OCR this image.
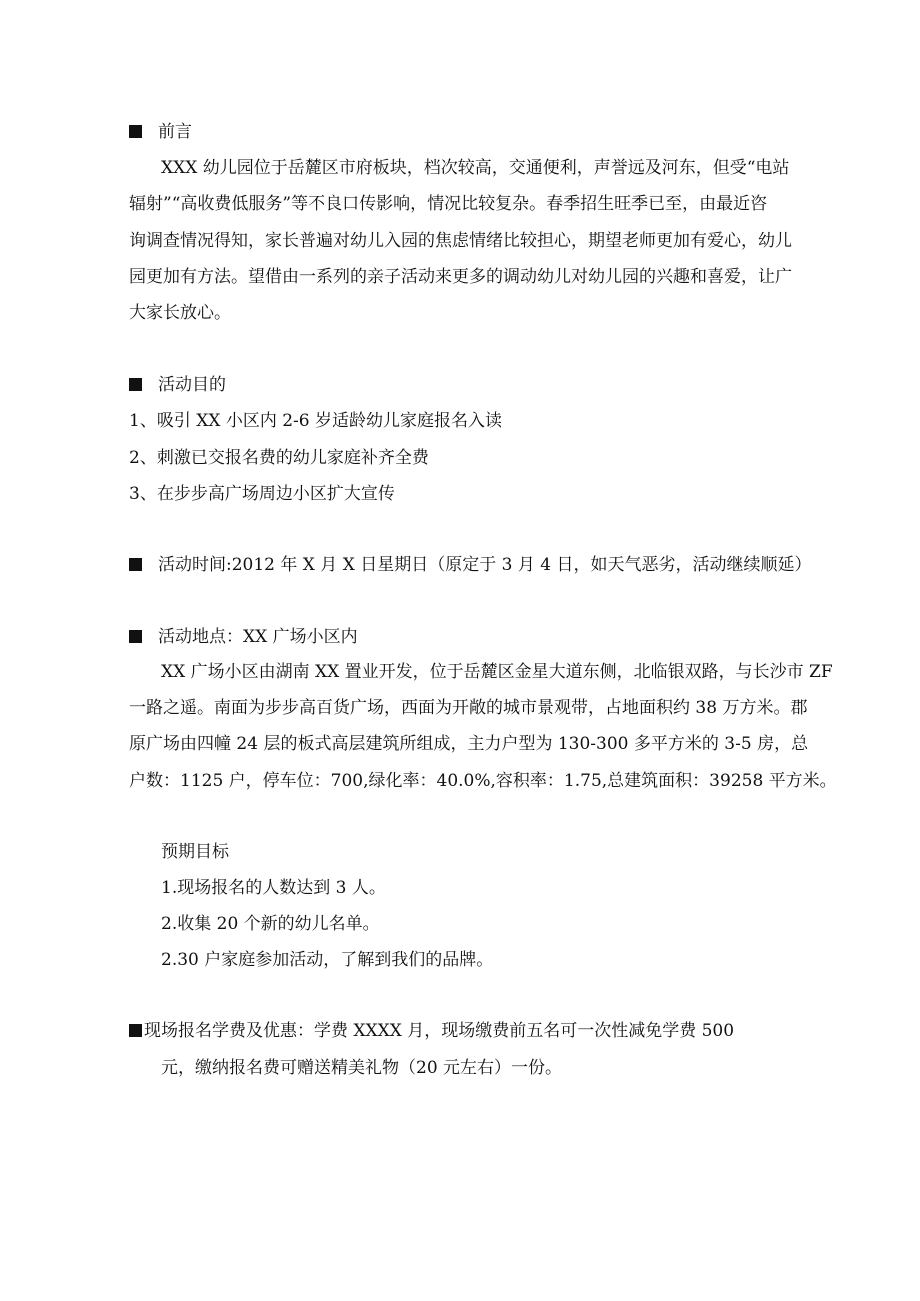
前言
XXX 幼儿园位于岳麓区市府板块，档次较高，交通便利，声誉远及河东，但受“电站
辐射”“高收费低服务”等不良口传影响，情况比较复杂。春季招生旺季已至，由最近咨
询调查情况得知，家长普遍对幼儿入园的焦虑情绪比较担心，期望老师更加有爱心，幼儿
园更加有方法。望借由一系列的亲子活动来更多的调动幼儿对幼儿园的兴趣和喜爱，让广
大家长放心。
活动目的
1、吸引 XX 小区内 2-6 岁适龄幼儿家庭报名入读
2、刺激已交报名费的幼儿家庭补齐全费
3、在步步高广场周边小区扩大宣传
活动时间:2012 年 X 月 X 日星期日（原定于 3 月 4 日，如天气恶劣，活动继续顺延）
活动地点：XX 广场小区内
XX 广场小区由湖南 XX 置业开发，位于岳麓区金星大道东侧，北临银双路，与长沙市 ZF
一路之遥。南面为步步高百货广场，西面为开敞的城市景观带，占地面积约 38 万方米。郡
原广场由四幢 24 层的板式高层建筑所组成，主力户型为 130-300 多平方米的 3-5 房，总
户数：1125 户，停车位：700,绿化率：40.0%,容积率：1.75,总建筑面积：39258 平方米。
预期目标
1.现场报名的人数达到 3 人。
2.收集 20 个新的幼儿名单。
2.30 户家庭参加活动，了解到我们的品牌。
现场报名学费及优惠：学费 XXXX 月，现场缴费前五名可一次性减免学费 500
元，缴纳报名费可赠送精美礼物（20 元左右）一份。
